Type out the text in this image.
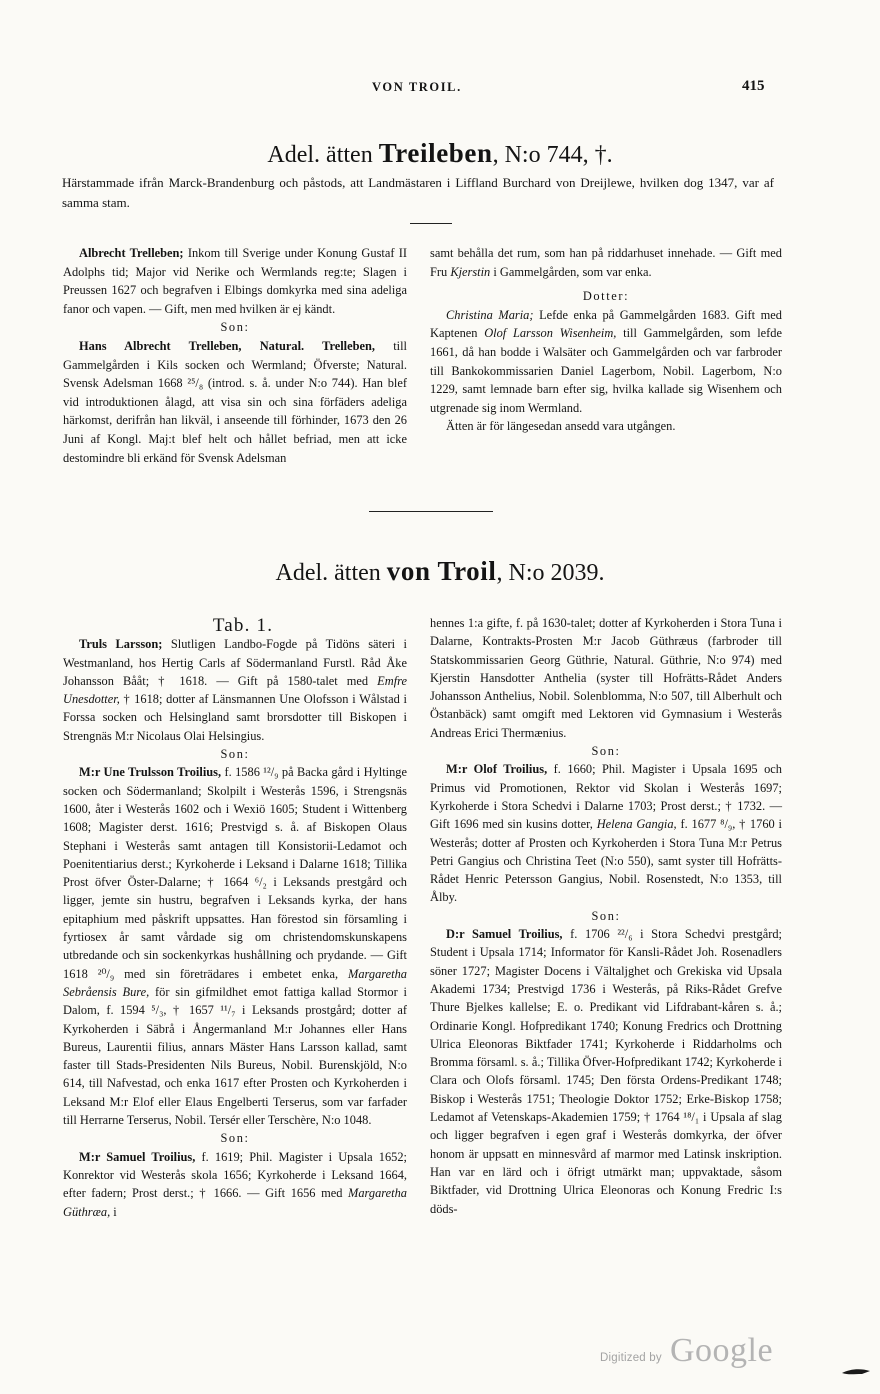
VON TROIL.	415
Adel. ätten Treileben, N:o 744, †.
Härstammade ifrån Marck-Brandenburg och påstods, att Landmästaren i Liffland Burchard von Dreijlewe, hvilken dog 1347, var af samma stam.

Albrecht Trelleben; Inkom till Sverige under Konung Gustaf II Adolphs tid; Major vid Nerike och Wermlands reg:te; Slagen i Preussen 1627 och begrafven i Elbings domkyrka med sina adeliga fanor och vapen. — Gift, men med hvilken är ej kändt.

Son:

Hans Albrecht Trelleben, Natural. Trelleben, till Gammelgården i Kils socken och Wermland; Öfverste; Natural. Svensk Adelsman 1668 ²⁵/₈ (introd. s. å. under N:o 744). Han blef vid introduktionen ålagd, att visa sin och sina förfäders adeliga härkomst, derifrån han likväl, i anseende till förhinder, 1673 den 26 Juni af Kongl. Maj:t blef helt och hållet befriad, men att icke destomindre bli erkänd för Svensk Adelsman

samt behålla det rum, som han på riddarhuset innehade. — Gift med Fru Kjerstin i Gammelgården, som var enka.

Dotter:

Christina Maria; Lefde enka på Gammelgården 1683. Gift med Kaptenen Olof Larsson Wisenheim, till Gammelgården, som lefde 1661, då han bodde i Walsäter och Gammelgården och var farbroder till Bankokommissarien Daniel Lagerbom, Nobil. Lagerbom, N:o 1229, samt lemnade barn efter sig, hvilka kallade sig Wisenhem och utgrenade sig inom Wermland.

Ätten är för längesedan ansedd vara utgången.

Adel. ätten von Troil, N:o 2039.

Tab. 1.

Truls Larsson; Slutligen Landbo-Fogde på Tidöns säteri i Westmanland, hos Hertig Carls af Södermanland Furstl. Råd Åke Johansson Bååt; † 1618. — Gift på 1580-talet med Emfre Unesdotter, † 1618; dotter af Länsmannen Une Olofsson i Wålstad i Forssa socken och Helsingland samt brorsdotter till Biskopen i Strengnäs M:r Nicolaus Olai Helsingius.

Son:

M:r Une Trulsson Troilius, f. 1586 ¹²/₉ på Backa gård i Hyltinge socken och Södermanland; Skolpilt i Westerås 1596, i Strengsnäs 1600, åter i Westerås 1602 och i Wexiö 1605; Student i Wittenberg 1608; Magister derst. 1616; Prestvigd s. å. af Biskopen Olaus Stephani i Westerås samt antagen till Konsistorii-Ledamot och Poenitentiarius derst.; Kyrkoherde i Leksand i Dalarne 1618; Tillika Prost öfver Öster-Dalarne; † 1664 ⁶/₂ i Leksands prestgård och ligger, jemte sin hustru, begrafven i Leksands kyrka, der hans epitaphium med påskrift uppsattes. Han förestod sin församling i fyrtiosex år samt vårdade sig om christendomskunskapens utbredande och sin sockenkyrkas hushållning och prydande. — Gift 1618 ²⁰/₉ med sin företrädares i embetet enka, Margaretha Sebråensis Bure, för sin gifmildhet emot fattiga kallad Stormor i Dalom, f. 1594 ⁵/₃, † 1657 ¹¹/₇ i Leksands prostgård; dotter af Kyrkoherden i Säbrå i Ångermanland M:r Johannes eller Hans Bureus, Laurentii filius, annars Mäster Hans Larsson kallad, samt faster till Stads-Presidenten Nils Bureus, Nobil. Burenskjöld, N:o 614, till Nafvestad, och enka 1617 efter Prosten och Kyrkoherden i Leksand M:r Elof eller Elaus Engelberti Terserus, som var farfader till Herrarne Terserus, Nobil. Tersér eller Terschère, N:o 1048.

Son:

M:r Samuel Troilius, f. 1619; Phil. Magister i Upsala 1652; Konrektor vid Westerås skola 1656; Kyrkoherde i Leksand 1664, efter fadern; Prost derst.; † 1666. — Gift 1656 med Margaretha Güthræa, i

hennes 1:a gifte, f. på 1630-talet; dotter af Kyrkoherden i Stora Tuna i Dalarne, Kontrakts-Prosten M:r Jacob Güthræus (farbroder till Statskommissarien Georg Güthrie, Natural. Güthrie, N:o 974) med Kjerstin Hansdotter Anthelia (syster till Hofrätts-Rådet Anders Johansson Anthelius, Nobil. Solenblomma, N:o 507, till Alberhult och Östanbäck) samt omgift med Lektoren vid Gymnasium i Westerås Andreas Erici Thermænius.

Son:

M:r Olof Troilius, f. 1660; Phil. Magister i Upsala 1695 och Primus vid Promotionen, Rektor vid Skolan i Westerås 1697; Kyrkoherde i Stora Schedvi i Dalarne 1703; Prost derst.; † 1732. — Gift 1696 med sin kusins dotter, Helena Gangia, f. 1677 ⁸/₉, † 1760 i Westerås; dotter af Prosten och Kyrkoherden i Stora Tuna M:r Petrus Petri Gangius och Christina Teet (N:o 550), samt syster till Hofrätts-Rådet Henric Petersson Gangius, Nobil. Rosenstedt, N:o 1353, till Ålby.

Son:

D:r Samuel Troilius, f. 1706 ²²/₆ i Stora Schedvi prestgård; Student i Upsala 1714; Informator för Kansli-Rådet Joh. Rosenadlers söner 1727; Magister Docens i Vältaljghet och Grekiska vid Upsala Akademi 1734; Prestvigd 1736 i Westerås, på Riks-Rådet Grefve Thure Bjelkes kallelse; E. o. Predikant vid Lifdrabant-kåren s. å.; Ordinarie Kongl. Hofpredikant 1740; Konung Fredrics och Drottning Ulrica Eleonoras Biktfader 1741; Kyrkoherde i Riddarholms och Bromma församl. s. å.; Tillika Öfver-Hofpredikant 1742; Kyrkoherde i Clara och Olofs församl. 1745; Den första Ordens-Predikant 1748; Biskop i Westerås 1751; Theologie Doktor 1752; Erke-Biskop 1758; Ledamot af Vetenskaps-Akademien 1759; † 1764 ¹⁸/₁ i Upsala af slag och ligger begrafven i egen graf i Westerås domkyrka, der öfver honom är uppsatt en minnesvård af marmor med Latinsk inskription. Han var en lärd och i öfrigt utmärkt man; uppvaktade, såsom Biktfader, vid Drottning Ulrica Eleonoras och Konung Fredric I:s döds-

Digitized by Google
